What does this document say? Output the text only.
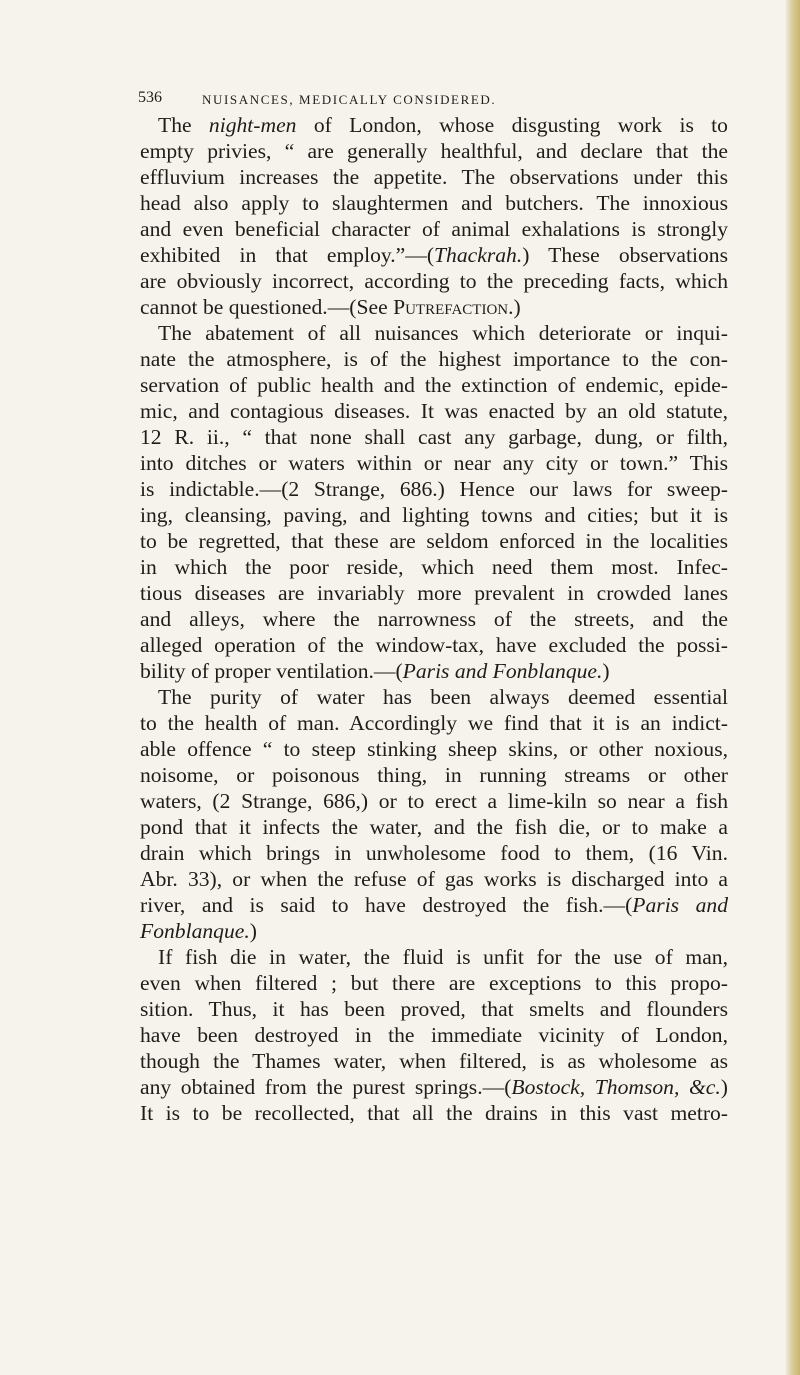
536	NUISANCES, MEDICALLY CONSIDERED.
The night-men of London, whose disgusting work is to
empty privies, “ are generally healthful, and declare that the
effluvium increases the appetite. The observations under this
head also apply to slaughtermen and butchers. The innoxious
and even beneficial character of animal exhalations is strongly
exhibited in that employ.”—(Thackrah.) These observations
are obviously incorrect, according to the preceding facts, which
cannot be questioned.—(See Putrefaction.)
The abatement of all nuisances which deteriorate or inqui-
nate the atmosphere, is of the highest importance to the con-
servation of public health and the extinction of endemic, epide-
mic, and contagious diseases. It was enacted by an old statute,
12 R. ii., “ that none shall cast any garbage, dung, or filth,
into ditches or waters within or near any city or town.” This
is indictable.—(2 Strange, 686.) Hence our laws for sweep-
ing, cleansing, paving, and lighting towns and cities; but it is
to be regretted, that these are seldom enforced in the localities
in which the poor reside, which need them most. Infec-
tious diseases are invariably more prevalent in crowded lanes
and alleys, where the narrowness of the streets, and the
alleged operation of the window-tax, have excluded the possi-
bility of proper ventilation.—(Paris and Fonblanque.)
The purity of water has been always deemed essential
to the health of man. Accordingly we find that it is an indict-
able offence “ to steep stinking sheep skins, or other noxious,
noisome, or poisonous thing, in running streams or other
waters, (2 Strange, 686,) or to erect a lime-kiln so near a fish
pond that it infects the water, and the fish die, or to make a
drain which brings in unwholesome food to them, (16 Vin.
Abr. 33), or when the refuse of gas works is discharged into a
river, and is said to have destroyed the fish.—(Paris and
Fonblanque.)
If fish die in water, the fluid is unfit for the use of man,
even when filtered ; but there are exceptions to this propo-
sition. Thus, it has been proved, that smelts and flounders
have been destroyed in the immediate vicinity of London,
though the Thames water, when filtered, is as wholesome as
any obtained from the purest springs.—(Bostock, Thomson, &c.)
It is to be recollected, that all the drains in this vast metro-
